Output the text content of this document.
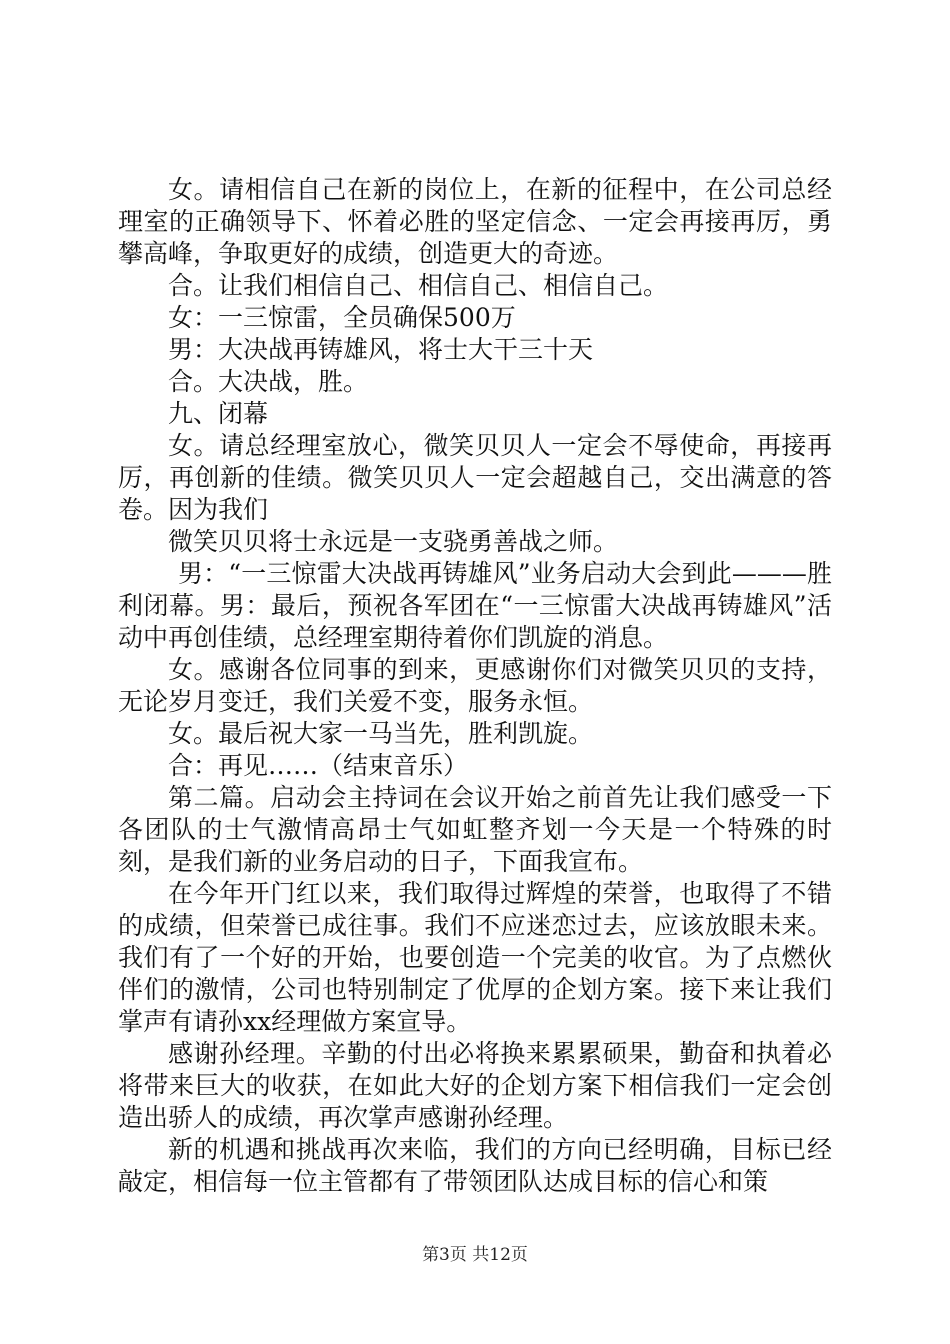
女。请相信自己在新的岗位上，在新的征程中，在公司总经理室的正确领导下、怀着必胜的坚定信念、一定会再接再厉，勇攀高峰，争取更好的成绩，创造更大的奇迹。

合。让我们相信自己、相信自己、相信自己。

女：一三惊雷，全员确保500万

男：大决战再铸雄风，将士大干三十天

合。大决战，胜。

九、闭幕

女。请总经理室放心，微笑贝贝人一定会不辱使命，再接再厉，再创新的佳绩。微笑贝贝人一定会超越自己，交出满意的答卷。因为我们

微笑贝贝将士永远是一支骁勇善战之师。

男：“一三惊雷大决战再铸雄风”业务启动大会到此———胜利闭幕。男：最后，预祝各军团在“一三惊雷大决战再铸雄风”活动中再创佳绩，总经理室期待着你们凯旋的消息。

女。感谢各位同事的到来，更感谢你们对微笑贝贝的支持，无论岁月变迁，我们关爱不变，服务永恒。

女。最后祝大家一马当先，胜利凯旋。

合：再见……（结束音乐）

第二篇。启动会主持词在会议开始之前首先让我们感受一下各团队的士气激情高昂士气如虹整齐划一今天是一个特殊的时刻，是我们新的业务启动的日子，下面我宣布。

在今年开门红以来，我们取得过辉煌的荣誉，也取得了不错的成绩，但荣誉已成往事。我们不应迷恋过去，应该放眼未来。我们有了一个好的开始，也要创造一个完美的收官。为了点燃伙伴们的激情，公司也特别制定了优厚的企划方案。接下来让我们掌声有请孙xx经理做方案宣导。

感谢孙经理。辛勤的付出必将换来累累硕果，勤奋和执着必将带来巨大的收获，在如此大好的企划方案下相信我们一定会创造出骄人的成绩，再次掌声感谢孙经理。

新的机遇和挑战再次来临，我们的方向已经明确，目标已经敲定，相信每一位主管都有了带领团队达成目标的信心和策

第3页 共12页
